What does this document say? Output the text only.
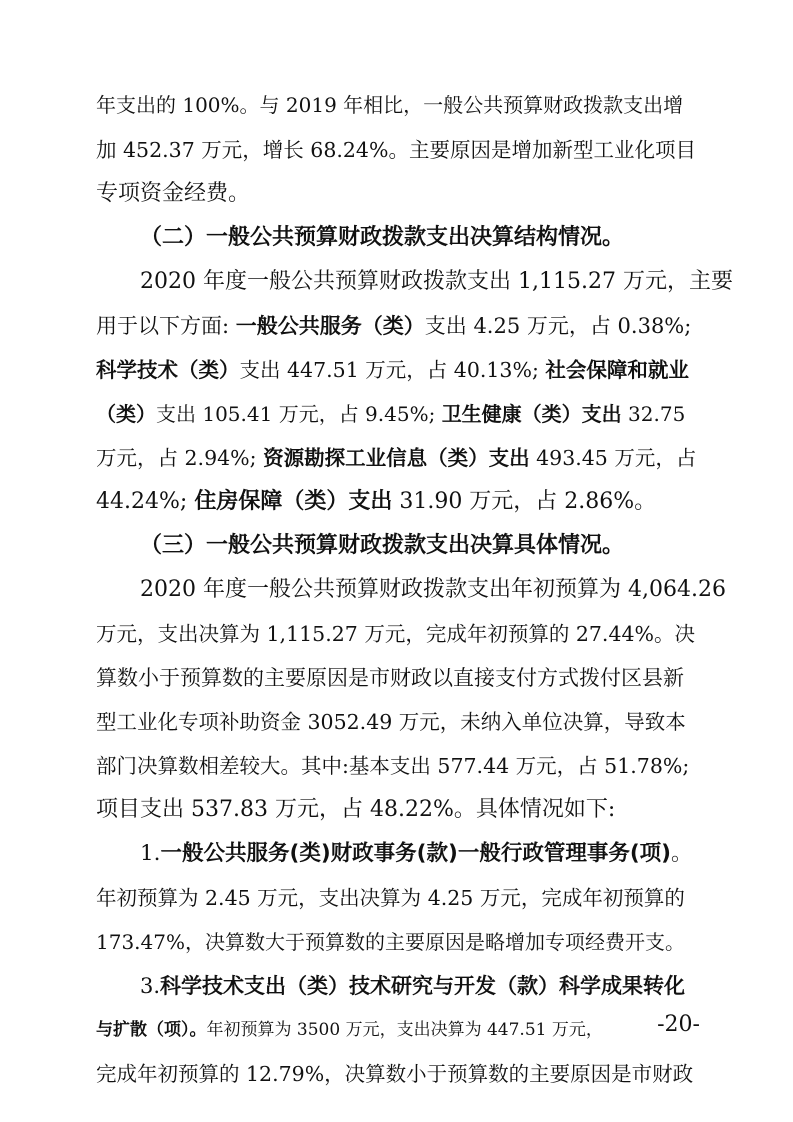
年支出的 100%。与 2019 年相比，一般公共预算财政拨款支出增
加 452.37 万元，增长 68.24%。主要原因是增加新型工业化项目
专项资金经费。
（二）一般公共预算财政拨款支出决算结构情况。
2020 年度一般公共预算财政拨款支出 1,115.27 万元，主要
用于以下方面: 一般公共服务（类）支出 4.25 万元，占 0.38%;
科学技术（类）支出 447.51 万元，占 40.13%; 社会保障和就业
（类）支出 105.41 万元，占 9.45%; 卫生健康（类）支出 32.75
万元，占 2.94%; 资源勘探工业信息（类）支出 493.45 万元，占
44.24%; 住房保障（类）支出 31.90 万元，占 2.86%。
（三）一般公共预算财政拨款支出决算具体情况。
2020 年度一般公共预算财政拨款支出年初预算为 4,064.26
万元，支出决算为 1,115.27 万元，完成年初预算的 27.44%。决
算数小于预算数的主要原因是市财政以直接支付方式拨付区县新
型工业化专项补助资金 3052.49 万元，未纳入单位决算，导致本
部门决算数相差较大。其中:基本支出 577.44 万元，占 51.78%;
项目支出 537.83 万元，占 48.22%。具体情况如下:
1.一般公共服务(类)财政事务(款)一般行政管理事务(项)。
年初预算为 2.45 万元，支出决算为 4.25 万元，完成年初预算的
173.47%，决算数大于预算数的主要原因是略增加专项经费开支。
3.科学技术支出（类）技术研究与开发（款）科学成果转化
与扩散（项）。年初预算为 3500 万元，支出决算为 447.51 万元，	-20-
完成年初预算的 12.79%，决算数小于预算数的主要原因是市财政
